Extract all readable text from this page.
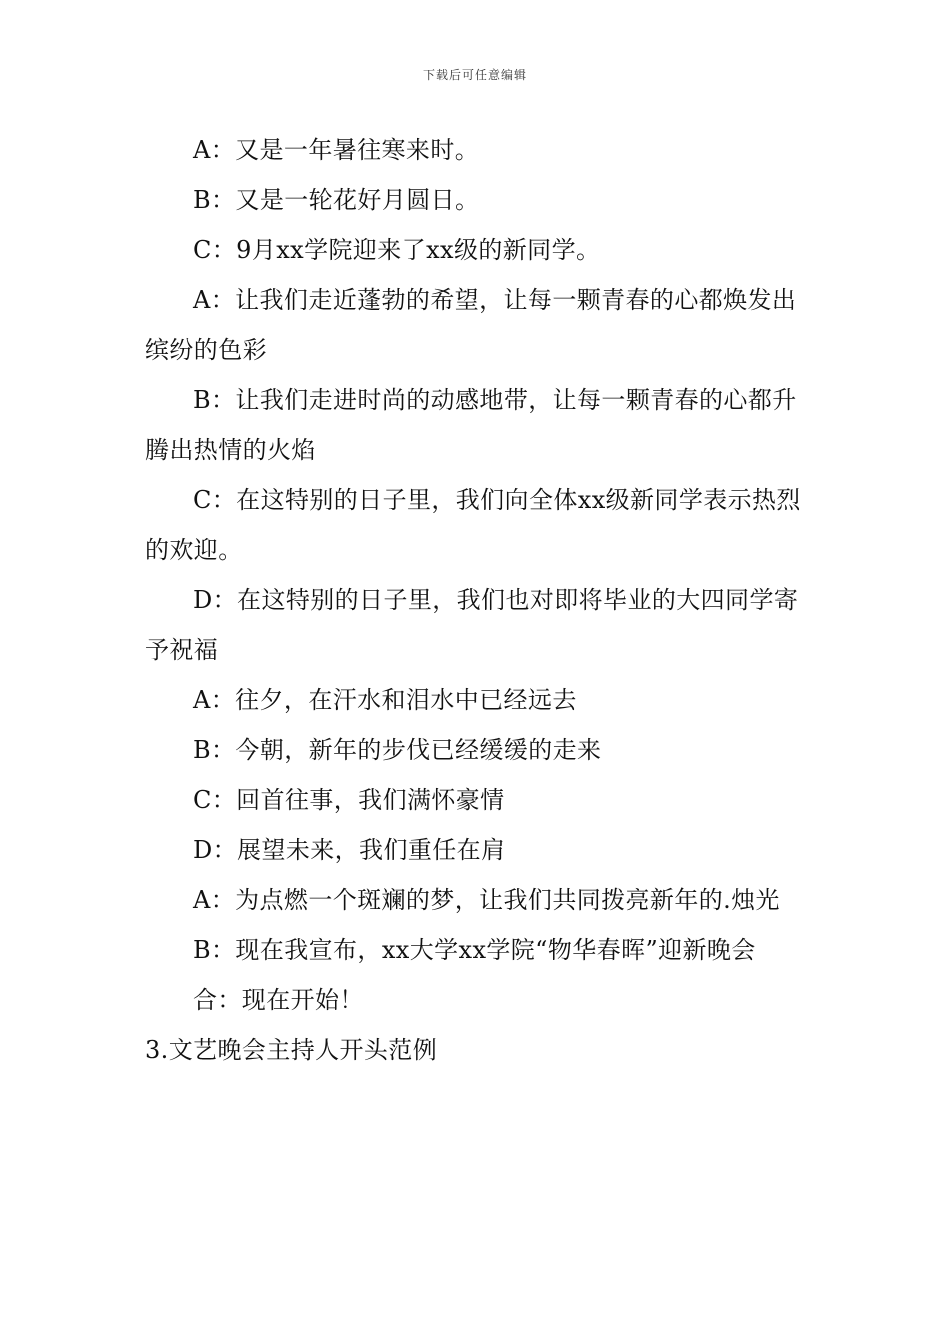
下载后可任意编辑

A：又是一年暑往寒来时。

B：又是一轮花好月圆日。

C：9月xx学院迎来了xx级的新同学。

A：让我们走近蓬勃的希望，让每一颗青春的心都焕发出缤纷的色彩

B：让我们走进时尚的动感地带，让每一颗青春的心都升腾出热情的火焰

C：在这特别的日子里，我们向全体xx级新同学表示热烈的欢迎。

D：在这特别的日子里，我们也对即将毕业的大四同学寄予祝福

A：往夕，在汗水和泪水中已经远去

B：今朝，新年的步伐已经缓缓的走来

C：回首往事，我们满怀豪情

D：展望未来，我们重任在肩

A：为点燃一个斑斓的梦，让我们共同拨亮新年的.烛光

B：现在我宣布，xx大学xx学院“物华春晖”迎新晚会

合：现在开始！

3.文艺晚会主持人开头范例
